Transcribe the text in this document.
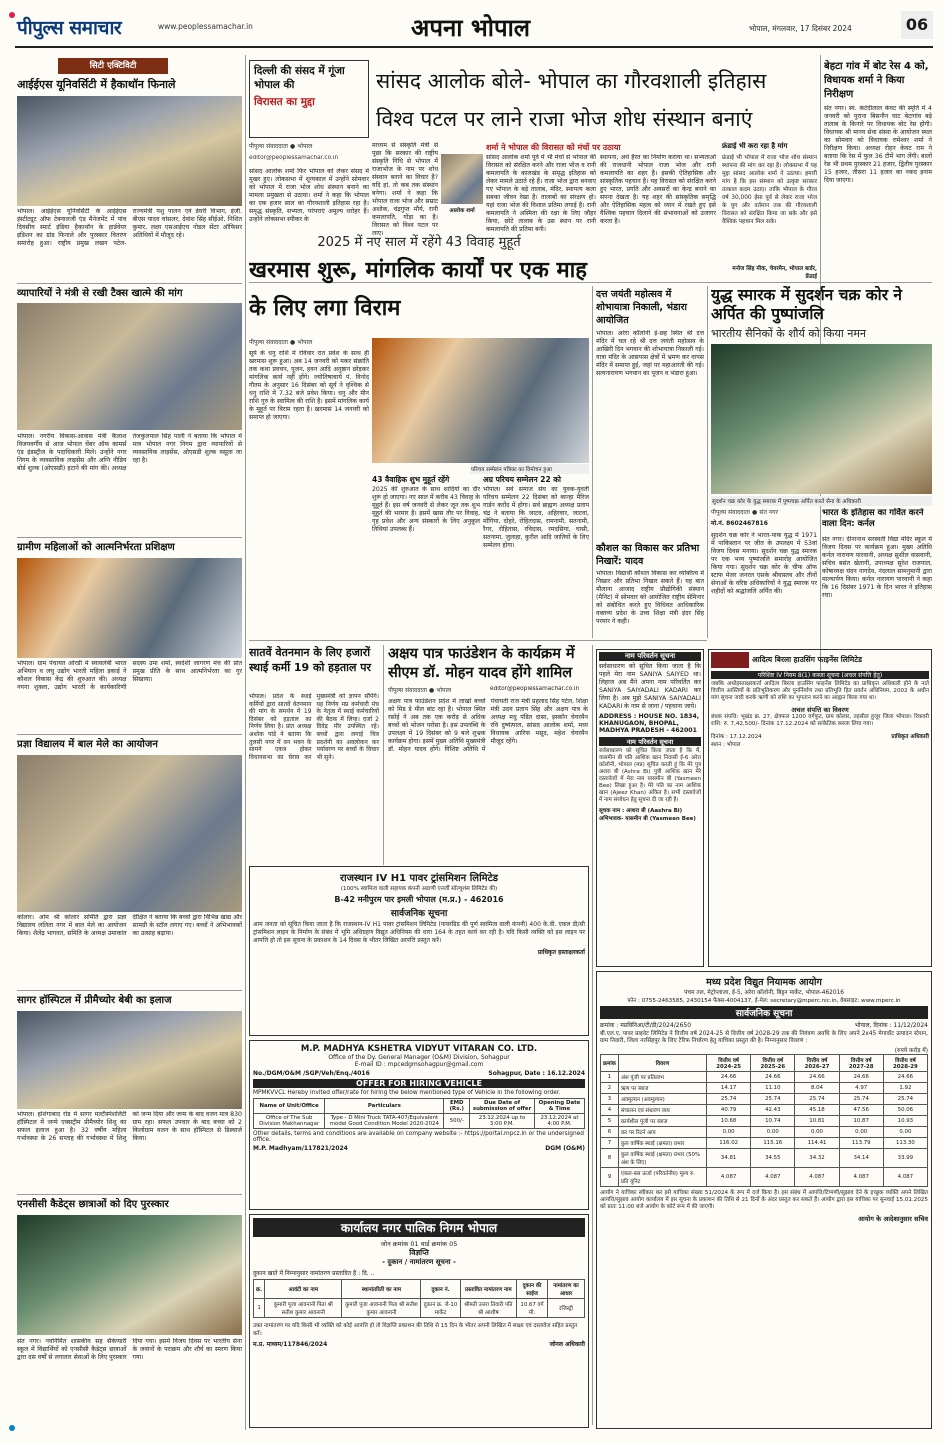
पीपुल्स समाचार	www.peoplessamachar.in	अपना भोपाल	भोपाल, मंगलवार, 17 दिसंबर 2024	06
सिटी एक्टिविटी
आईईएस यूनिवर्सिटी में हैकाथॉन फिनाले
भोपाल। आईईएस यूनिवर्सिटी के आईईएस इंस्टीट्यूट ऑफ टेक्नालजी एंड मैनेजमेंट में पांच दिवसीय स्मार्ट इंडिया हैकाथॉन के हार्डवेयर इडिशन का ग्रांड फिनाले और पुरस्कार वितरण समारोह हुआ। राष्ट्रीय प्रमुख लखन पटेल-राज्यमंत्री पशु पालन एवं डेयरी विभाग, इंजी. बीएस यादव चांसलर, देवांश सिंह सीईओ, निशित कुमार, लक्ष्य एसआईएच नोडल सेंटर ऑफिसर अतिथियों में मौजूद रहे।
व्यापारियों ने मंत्री से रखी टैक्स खात्मे की मांग
भोपाल। नगरीय विकास-आवास मंत्री कैलाश विजयवर्गीय से आज भोपाल चेंबर ऑफ कामर्स एंड इंडस्ट्रीज के पदाधिकारी मिले। उन्होंने नगर निगम के व्यवसायिक लाइसेंस और अग्नि नीडिय बोर्ड शुल्क (ओएसडी) हटाने की मांग की। अध्यक्ष तेजकुलपाल सिंह पाली ने बताया कि भोपाल में मात्र भोपाल नगर निगम द्वारा व्यापारियों से व्यवसायिक लाइसेंस, ओएसडी शुल्क वसूला जा रहा है।
ग्रामीण महिलाओं को आत्मनिर्भरता प्रशिक्षण
भोपाल। ग्राम पंचायत ओरडी में स्वावलंबी भारत अभियान व लघु उद्योग भारती महिला इकाई ने कौशल विकास केंद्र की शुरुआत की। अध्यक्ष नयना शुक्ला, उद्योग भारती के कार्यकारिणी सदस्य उमा शर्मा, स्वदेशी जागरण मंच की प्रांत प्रमुख प्रीति के साथ आत्मनिर्भरता का गुर सिखाया।
प्रज्ञा विद्यालय में बाल मेले का आयोजन
कोलार। ओम श्री कोलार समिति द्वारा प्रज्ञा विद्यालय ललिता नगर में बाल मेले का आयोजन किया। शैलेंद्र भागवत, समिति के अध्यक्ष उमाकांत दीक्षित ने बताया कि बच्चों द्वारा विभिन्न खाद्य और सामग्री के स्टॉल लगाए गए। बच्चों ने अभिभावकों का उत्साह बढ़ाया।
सागर हॉस्पिटल में प्रीमैच्योर बेबी का इलाज
भोपाल। होशंगाबाद रोड में सागर मल्टीस्पेशलिटी हॉस्पिटल में जन्मे एक्सट्रीम प्रीमैच्योर शिशु का सफल इलाज हुआ है। 32 वर्षीय महिला गर्भावस्था के 26 सप्ताह की गर्भावस्था में शिशु को जन्म दिया और जन्म के बाद वजन मात्र 830 ग्राम रहा। सफल उपचार के बाद बच्चा को 2 किलोग्राम वजन के साथ हॉस्पिटल से डिस्चार्ज किया।
एनसीसी कैडेट्स छात्राओं को दिए पुरस्कार
संत नगर। नवनिर्मित शासकीय सह सैकेण्डरी स्कूल में विद्यार्थियों को एनसीसी कैडेट्स छात्राओं द्वारा दस वर्षों से लगातार सेवाओं के लिए पुरस्कार दिया गया। इसमें विजय दिवस पर भारतीय सेना के जवानों के पराक्रम और शौर्य का स्मरण किया गया।
दिल्ली की संसद में गूंजा भोपाल की
विरासत का मुद्दा
सांसद आलोक बोले- भोपाल का गौरवशाली इतिहास विश्व पटल पर लाने राजा भोज शोध संस्थान बनाएं
पीपुल्स संवाददाता ● भोपाल
editor@peoplessamachar.co.in
सांसद आलोक शर्मा फिर भोपाल को लेकर संसद में मुखर हुए। लोकसभा में शून्यकाल में उन्होंने सोमवार को भोपाल में राजा भोज शोध संस्थान बनाने का मामला प्रमुखता से उठाया। शर्मा ने कहा कि भोपाल का एक हजार साल का गौरवशाली इतिहास रहा है। समृद्ध संस्कृति, सभ्यता, परंपराएं अमूल्य धरोहर हैं। उन्होंने लोकसभा स्पीकर के
माध्यम से संस्कृति मंत्री से पूछा कि सरकार की राष्ट्रीय संस्कृति निधि से भोपाल में राजाभोज के नाम पर शोध संस्थान बनाने का विचार है? यदि हां, तो कब तक संस्थान बनेगा। शर्मा ने कहा कि भोपाल राजा भोज और सम्राट अशोक, चंद्रगुप्त मौर्य, रानी कमलापति, गोंड़ा का है। विरासत को विश्व पटल पर लाए।
आलोक शर्मा
शर्मा ने भोपाल की विरासत को मंचों पर उठाया
सांसद आलोक शर्मा पूर्व में भी मंचों से भोपाल की विरासत को संरक्षित करने और राजा भोज व रानी कमलापति के कालखंड के समृद्ध इतिहास को लेकर मामले उठाते रहे हैं। राजा भोज द्वारा बनवाए गए भोपाल के बड़े तालाब, मंदिर, स्थापत्य कला सबका जीवन रेखा है। तालाबों का संरक्षण हो। यहां राजा भोज की विशाल प्रतिमा लगाई है। रानी कमलापति ने अस्मिता की रक्षा के लिए जौहर किया, छोटे तालाब के उस स्थान पर रानी कमलापति की प्रतिमा बनी।
स्थापना, अर्थ हैरत का निर्माण कराया था। सभ्यताओं की राजधानी भोपाल राजा भोज और रानी कमलापति का शहर है। इसकी ऐतिहासिक और सांस्कृतिक पहचान है। यह विरासत को संरक्षित करने हुए भारत, प्रगति और अवसरों का केन्द्र बनाने का सपना देखता है। यह शहर की सांस्कृतिक समृद्धि और ऐतिहासिक महत्व को ध्यान में रखते हुए इसे वैश्विक पहचान दिलाने की संभावनाओं को उजागर करता है।
फ्रंडाई भी करा रहा है मांग
फ्रंडाई भी भोपाल में राजा भोज शोध संस्थान स्थापना की मांग कर रहा है। लोकसभा में यह मुद्दा सांसद आलोक शर्मा ने उठाया। हमारी मांग है कि इस संस्थान को उत्कृष्ट सरकार तत्काल कदम उठाए। ताकि भोपाल के गौरव वर्ष 30,000 ईसा पूर्व से लेकर राजा भोज के युग और वर्तमान तक की गौरवशाली विरासत को संरक्षित किया जा सके और इसे वैश्विक पहचान मिल सके।
मनोज सिंह मीक, चेयरमैन, भोपाल बार्डर, फ्रेंडाई
बेहटा गांव में बोट रेस 4 को, विधायक शर्मा ने किया निरीक्षण
संत नगर। स्व. कंटेंदीलाल केवट की स्मृति में 4 जनवरी को पुराना बिसनौन घाट बेटागांव बड़े तालाब के किनारे पर विधायक बोट रेस होगी। विधायक श्री मानव सेवा संस्था के आयोजन स्थल का सोमवार को विधायक रामेश्वर शर्मा ने निरीक्षण किया। अध्यक्ष रोहन केवट राम ने बताया कि रेस में फुल 36 टीमें भाग लेंगी। बालों रेस भी प्रथम पुरस्कार 21 हजार, द्वितीय पुरस्कार 15 हजार, तीसरा 11 हजार का नकद इनाम दिया जाएगा।
2025 में नए साल में रहेंगे 43 विवाह मुहूर्त
खरमास शुरू, मांगलिक कार्यों पर एक माह के लिए लगा विराम
पीपुल्स संवाददाता ● भोपाल
सूर्य के धनु राशि में रविवार रात प्रवेश के साथ ही खरमास शुरू हुआ। अब 14 जनवरी को मकर संक्रांति तक कथा प्रवचन, पूजन, हवन आदि अनुष्ठान छोड़कर मांगलिक कार्य नहीं होंगे। ज्योतिषाचार्य पं. विनोद गौतम के अनुसार 16 दिसंबर को सूर्य ने वृश्चिक से धनु राशि में 7.32 बजे प्रवेश किया। धनु और मीन राशि गुरु के स्वामित्व की राशि है। इसमें मांगलिक कार्य के मुहूर्त पर विराम रहता है। खरमास 14 जनवरी को समाप्त हो जाएगा।
परिचय सम्मेलन पत्रिका का विमोचन हुआ
43 वैवाहिक शुभ मुहूर्त रहेंगे
2025 की शुरुआत के साथ शादियों का दौर शुरू हो जाएगा। नए साल में करीब 43 विवाह के मुहूर्त हैं। इस वर्ष जनवरी से लेकर जून तक शुभ मुहूर्त की भरमार है। इसमें खास तौर पर विवाह, गृह प्रवेश और अन्य संस्कारों के लिए अनुकूल तिथियां उपलब्ध हैं।
अग्र परिचय सम्मेलन 22 को
भोपाल। सर्व समाज संघ का युवक-युवती परिचय सम्मेलन 22 दिसंबर को कान्हा मैरिज गार्डन करोंद में होगा। सर्व ब्राह्मण अध्यक्ष प्रताप चंद्र ने बताया कि जाटव, अहिरवार, जाटवा, मोंगिया, दोहरे, रोहितदास, रामनामी, सतनामी, रैगर, रोहितास, रविदास, रमदसिया, घासी, सतनामा, जुलाहा, कुरील आदि जातियों के लिए सम्मेलन होगा।
दत्त जयंती महोत्सव में शोभायात्रा निकाली, भंडारा आयोजित
भोपाल। अरेरा कॉलोनी ई-छह स्थित श्री दत्त मंदिर में चल रहे श्री दत्त जयंती महोत्सव के आखिरी दिन भगवान की शोभायात्रा निकाली गई। यात्रा मंदिर के आसपास क्षेत्रों में भ्रमण कर वापस मंदिर में समाप्त हुई, जहां पर महाआरती की गई। सत्यनारायण भगवान का पूजन व भंडारा हुआ।
कौशल का विकास कर प्रतिभा निखारें: यादव
भोपाल। विद्यार्थी कौशल विकास कर व्यक्तित्व में निखार और प्रतिभा निखार सकते हैं। यह बात मौलाना आजाद राष्ट्रीय प्रौद्योगिकी संस्थान (मैनिट) में सोमवार को आयोजित राष्ट्रीय सेमिनार को संबोधित करते हुए विधिवत आधिकारिक वक्तव्य प्रदेश के उच्च शिक्षा मंत्री इंदर सिंह परमार ने कही।
युद्ध स्मारक में सुदर्शन चक्र कोर ने अर्पित की पुष्पांजलि
भारतीय सैनिकों के शौर्य को किया नमन
सुदर्शन चक्र कोर के युद्ध स्मारक में पुष्पचक्र अर्पित करते सेना के अधिकारी
पीपुल्स संवाददाता ● संत नगर
मो.नं. 8602467816
सुदर्शन चक्र कोर ने भारत-पाक युद्ध में 1971 में पाकिस्तान पर जीत के उपलक्ष्य में 53वां विजय दिवस मनाया। सुदर्शन चक्र युद्ध स्मारक पर एक भव्य पुष्पांजलि समारोह आयोजित किया गया। सुदर्शन चक्र कोर के चीफ ऑफ स्टाफ मेजर जनरल एसके श्रीवास्तव और तीनों सेनाओं के वरिष्ठ अधिकारियों ने युद्ध स्मारक पर शहीदों को श्रद्धांजलि अर्पित की।
भारत के इतिहास का गर्वित करने वाला दिन: कर्नल
संत नगर। दीनानाथ सरस्वती विद्या मंदिर स्कूल में विजय दिवस पर कार्यक्रम हुआ। मुख्य अतिथि कर्नल नारायण पारवानी, अध्यक्ष सुशील वासवानी, सचिव बसंत खेतानी, उपाध्यक्ष सुरेश राजपाल, कोषाध्यक्ष चंदन नागदेव, नंदलाल सामनुमानी द्वारा माल्यार्पण किया। कर्नल नारायण पारवानी ने कहा कि 16 दिसंबर 1971 के दिन भारत ने इतिहास रचा।
सातवें वेतनमान के लिए हजारों स्थाई कर्मी 19 को हड़ताल पर
भोपाल। प्रदेश के स्थाई कर्मियों द्वारा सातवें वेतनमान की मांग के समर्थन में 19 दिसंबर को हड़ताल का निर्णय लिया है। प्रांत अध्यक्ष अशोक पांडे ने बताया कि तुलसी नगर में वन भवन के सामने एकत्र होकर विधानसभा का घेराव कर मुख्यमंत्री को ज्ञापन सौंपेंगे। यह निर्णय मप्र कर्मचारी मंच के नेतृत्व में स्थाई कर्मचारियों की बैठक में लिया। दर्जा 2 दिवेद्र मीर उपस्थित रहे। बच्चों द्वारा लगाई चित्र प्रदर्शनी का अवलोकन कर पर्यावरण पर बच्चों के विचार भी सुने।
अक्षय पात्र फाउंडेशन के कार्यक्रम में सीएम डॉ. मोहन यादव होंगे शामिल
पीपुल्स संवाददाता ● भोपाल	editor@peoplessamachar.co.in
अक्षय पात्र फाउंडेशन प्रदेश में लाखों बच्चों को मिड डे मील बांट रहा है। भोपाल स्थित रसोई ने अब तक एक करोड़ से अधिक बच्चों को भोजन परोसा है। इस उपलब्धि के उपलक्ष्य में 19 दिसंबर को 9 बजे शुभ्रक कार्यक्रम होगा। इसमें मुख्य अतिथि मुख्यमंत्री डॉ. मोहन यादव होंगे। विशिष्ट अतिथि में पंचायती राज मंत्री प्रहलाद सिंह पटेल, शिक्षा मंत्री उदय प्रताप सिंह और अक्षय पात्र के अध्यक्ष मधु पंडित दासा, इस्कॉन चेयरमैन रवि दुष्यंत्पाल, सांसद आलोक शर्मा, मध्य विधायक आरिफ मसूद, महेश चेयरमैन मौजूद रहेंगे।
नाम परिवर्तन सूचना
सर्वसाधारण को सूचित किया जाता है कि पहले मेरा नाम SANIYA SAIYED था। लिहाज अब मैंने अपना नाम परिवर्तित कर SANIYA SAIYADALI KADARI कर लिया है। अब मुझे SANIYA SAIYADALI KADARI के नाम से जाना / पहचाना जाये।
ADDRESS : HOUSE NO. 1834, KHANUGAON, BHOPAL, MADHYA PRADESH - 462001
नाम परिवर्तन सूचना
सर्वसाधारण को सूचित किया जाता है कि मैं, यासमीन बी पति आशिक खान निवासी ई-6 अरेरा कॉलोनी, भोपाल (मप्र) सूचित करती हूं कि मेरे पुत्र अशरा बी (Ashra Bi) पुत्री आशिक खान मेरे दस्तावेजों में मेरा नाम यासमीन बी (Yasmeen Bee) लिखा हुआ है। मेरे पति का नाम आशिक खान (Ajeez Khan) अंकित है। सभी दस्तावेजों में नाम संशोधन हेतु सूचना दी जा रही है।
सूचक नाम : आशरा बी (Aashra Bi) अभिभावक- यासमीन बी (Yasmeen Bee)
आदित्य बिरला हाउसिंग फाइनेंस लिमिटेड
परिशिष्ट IV नियम 8(1) कब्जा सूचना (अचल संपत्ति हेतु)
जबकि अधोहस्ताक्षरकर्ता आदित्य बिरला हाउसिंग फाइनेंस लिमिटेड का प्राधिकृत अधिकारी होने के नाते वित्तीय आस्तियों के प्रतिभूतिकरण और पुनर्निर्माण तथा प्रतिभूति हित प्रवर्तन अधिनियम, 2002 के अधीन मांग सूचना जारी करके ऋणी को राशि का भुगतान करने का आह्वान किया गया था।
अचल संपत्ति का विवरण
बंधक संपत्ति: भूखंड क्र. 27, क्षेत्रफल 1200 वर्गफुट, ग्राम कोलार, तहसील हुजूर जिला भोपाल। रिकवरी राशि: रु. 7,42,500/- दिनांक 17.12.2024 को सांकेतिक कब्जा लिया गया।
दिनांक : 17.12.2024
स्थान : भोपाल
प्राधिकृत अधिकारी
राजस्थान IV H1 पावर ट्रांसमिशन लिमिटेड
(100% स्वामित्व वाली सहायक कंपनी अडाणी एनर्जी सॉल्यूशंस लिमिटेड की)
B-42 मनीपुरम पार इमली भोपाल (म.प्र.) - 462016
सार्वजनिक सूचना
आम जनता को सूचित किया जाता है कि राजस्थान-IV H1 पावर ट्रांसमिशन लिमिटेड (पावरग्रिड की पूर्ण स्वामित्व वाली कंपनी) 400 के.वी. एकल डी/सी ट्रांसमिशन लाइन के निर्माण के संबंध में भूमि अधिग्रहण विद्युत अधिनियम की धारा 164 के तहत कार्य कर रही है। यदि किसी व्यक्ति को इस लाइन पर आपत्ति हो तो इस सूचना के प्रकाशन के 14 दिवस के भीतर लिखित आपत्ति प्रस्तुत करें।
प्राधिकृत हस्ताक्षरकर्ता
M.P. MADHYA KSHETRA VIDYUT VITARAN CO. LTD.
Office of the Dy. General Manager (O&M) Division, Sohagpur
E-mail ID : mpcedgmsohagpur@gmail.com
No./DGM/O&M /SGP/Veh/Enq./4016	Sohagpur, Date : 16.12.2024
OFFER FOR HIRING VEHICLE
MPMKVVCL Hereby invited offer/rate for hiring the below mentioned type of Vehicle in the following order.
Name of Unit/Office	Particulars	EMD (Rs.)	Due Date of submission of offer	Opening Date & Time
Office of The Sub Division Makhannagar	Type - D Mini Truck TATA-407/Equivalent model Good Condition Model 2020-2024	500/-	23.12.2024 up to 3:00 P.M.	23.12.2024 at 4:00 P.M.
Other details, terms and conditions are available on company website :- https://portal.mpcz.in or the undersigned office.
M.P. Madhyam/117821/2024	DGM (O&M)
कार्यालय नगर पालिक निगम भोपाल
जोन क्रमांक 01 वार्ड क्रमांक 05
विज्ञप्ति
- दुकान / नामांतरण सूचना -
दुकान खाते में निम्नानुसार नामांतरण प्रस्तावित है : दि. ..
क्र.	आवंटी का नाम	स्थानांतरिती का नाम	दुकान नं.	प्रस्तावित नामांतरण नाम	दुकान की साईज	नामांतरण का आधार
1	कुमारी पूजा आवनानी पिता श्री सतीश कुमार आवनानी	कुमारी पूजा आवनानी पिता श्री सतीश कुमार आवनानी	दुकान क्र. जे-10 मार्केट	श्रीमती उत्तरा तिवारी पति श्री आशीष	10.67 वर्ग मी.	रजिस्ट्री
उक्त नामांतरण पर यदि किसी भी व्यक्ति को कोई आपत्ति हो तो विज्ञप्ति प्रकाशन की तिथि से 15 दिन के भीतर अपनी लिखित में साक्ष्य एवं दस्तावेज सहित प्रस्तुत करें।
म.प्र. माध्यम/117846/2024	जोनल अधिकारी
मध्य प्रदेश विद्युत नियामक आयोग
पंचम तल, मेट्रोप्लाजा, ई-5, अरेरा कॉलोनी, बिट्टन मार्केट, भोपाल-462016
फोन : 0755-2463585, 2430154 फैक्स-4004137, ई-मेल: secretary@mperc.nic.in, वेबसाइट: www.mperc.in
सार्वजनिक सूचना
क्रमांक : मप्रविनिआ/टी/डी/2024/2650	भोपाल, दिनांक : 11/12/2024
बी.एल.ए. पावर प्राइवेट लिमिटेड ने वित्तीय वर्ष 2024-25 से वित्तीय वर्ष 2028-29 तक की नियंत्रण अवधि के लिए अपने 2x45 मेगावॉट उत्पादन स्टेशन, ग्राम निवारी, जिला नरसिंहपुर के लिए टैरिफ निर्धारण हेतु याचिका प्रस्तुत की है। निम्नानुसार विवरण :
(रुपये करोड़ में)
क्रमांक	विवरण	वित्तीय वर्ष 2024-25	वित्तीय वर्ष 2025-26	वित्तीय वर्ष 2026-27	वित्तीय वर्ष 2027-28	वित्तीय वर्ष 2028-29
1	अंश पूंजी पर प्रतिलाभ	24.66	24.66	24.66	24.66	24.66
2	ऋण पर ब्याज	14.17	11.10	8.04	4.97	1.92
3	अवमूल्यन (अवमूल्यन)	25.74	25.74	25.74	25.74	25.74
4	संचालन एवं संधारण व्यय	40.79	42.43	45.18	47.56	50.06
5	कार्यशील पूंजी पर ब्याज	10.68	10.74	10.81	10.87	10.93
6	कर पर रिटर्न आय	0.00	0.00	0.00	0.00	0.00
7	कुल वार्षिक स्थाई (क्षमता) प्रभार	116.02	115.16	114.41	113.79	113.30
8	कुल वार्षिक स्थाई (क्षमता) प्रभार (50% अंश के लिए)	34.81	34.55	34.32	34.14	33.99
9	एकल-बस ऊर्जा (परिवर्तनीय) मूल्य रु. प्रति यूनिट	4.087	4.087	4.087	4.087	4.087
आयोग ने याचिका स्वीकार कर इसे याचिका संख्या 51/2024 के रूप में दर्ज किया है। इस संबंध में आपत्ति/टिप्पणी/सुझाव देने के इच्छुक व्यक्ति अपने लिखित आपत्ति/सुझाव आयोग कार्यालय में इस सूचना के प्रकाशन की तिथि से 21 दिनों के अंदर प्रस्तुत कर सकते हैं। आयोग द्वारा इस याचिका पर सुनवाई 15.01.2025 को प्रातः 11:00 बजे आयोग के कोर्ट रूम में की जाएगी।
आयोग के आदेशानुसार सचिव
